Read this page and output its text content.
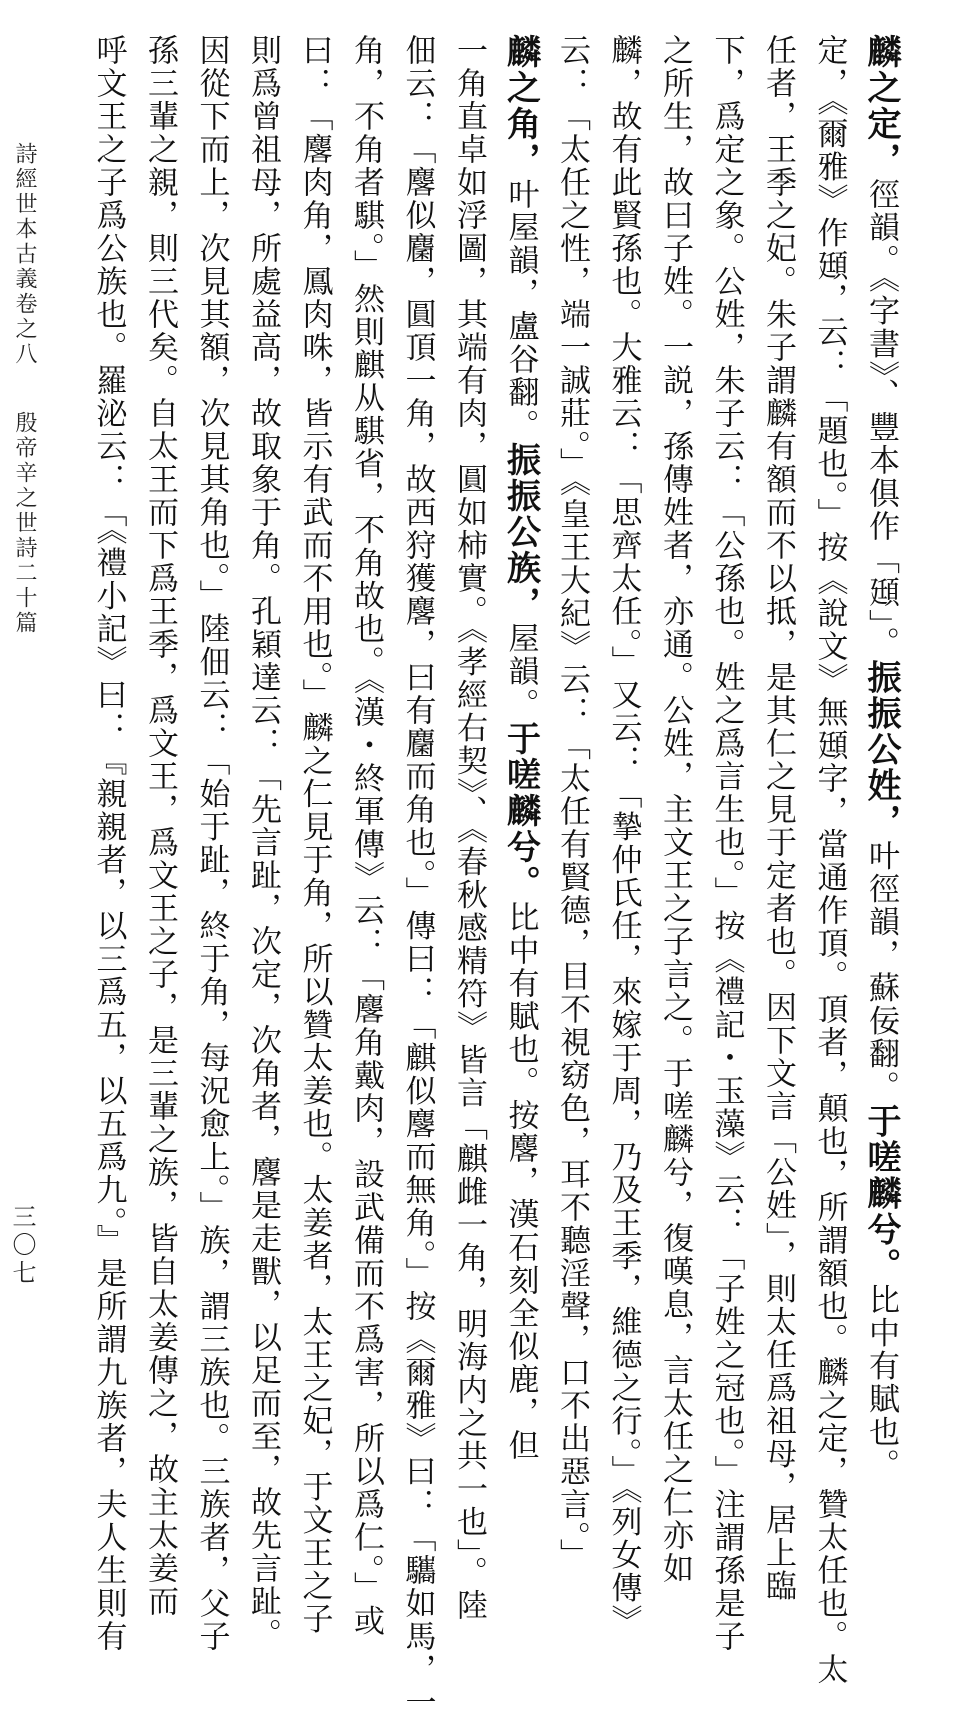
麟之定，徑韻。《字書》、豐本俱作「頲」。振振公姓，叶徑韻，蘇佞翻。于嗟麟兮。比中有賦也。
定，《爾雅》作頲，云：「題也。」按《說文》無頲字，當通作頂。頂者，顛也，所謂額也。麟之定，贊太任也。太
任者，王季之妃。朱子謂麟有額而不以抵，是其仁之見于定者也。因下文言「公姓」，則太任爲祖母，居上臨
下，爲定之象。公姓，朱子云：「公孫也。姓之爲言生也。」按《禮記・玉藻》云：「子姓之冠也。」注謂孫是子
之所生，故曰子姓。一説，孫傳姓者，亦通。公姓，主文王之子言之。于嗟麟兮，復嘆息，言太任之仁亦如
麟，故有此賢孫也。大雅云：「思齊太任。」又云：「摯仲氏任，來嫁于周，乃及王季，維德之行。」《列女傳》
云：「太任之性，端一誠莊。」《皇王大紀》云：「太任有賢德，目不視窈色，耳不聽淫聲，口不出惡言。」
麟之角，叶屋韻，盧谷翻。振振公族，屋韻。于嗟麟兮。比中有賦也。按麐，漢石刻全似鹿，但
一角直卓如浮圖，其端有肉，圓如柿實。《孝經右契》、《春秋感精符》皆言「麒雌一角，明海内之共一也」。陸
佃云：「麐似麕，圓頂一角，故西狩獲麐，曰有麕而角也。」傳曰：「麒似麐而無角。」按《爾雅》曰：「驨如馬，一
角，不角者騏。」然則麒从騏省，不角故也。《漢・終軍傳》云：「麐角戴肉，設武備而不爲害，所以爲仁。」或
曰：「麐肉角，鳳肉咮，皆示有武而不用也。」麟之仁見于角，所以贊太姜也。太姜者，太王之妃，于文王之子
則爲曾祖母，所處益高，故取象于角。孔穎達云：「先言趾，次定，次角者，麐是走獸，以足而至，故先言趾。
因從下而上，次見其額，次見其角也。」陸佃云：「始于趾，終于角，每況愈上。」族，謂三族也。三族者，父子
孫三輩之親，則三代矣。自太王而下爲王季，爲文王，爲文王之子，是三輩之族，皆自太姜傳之，故主太姜而
呼文王之子爲公族也。羅泌云：「《禮小記》曰：『親親者，以三爲五，以五爲九。』是所謂九族者，夫人生則有
詩經世本古義卷之八殷帝辛之世詩二十篇
三〇七
